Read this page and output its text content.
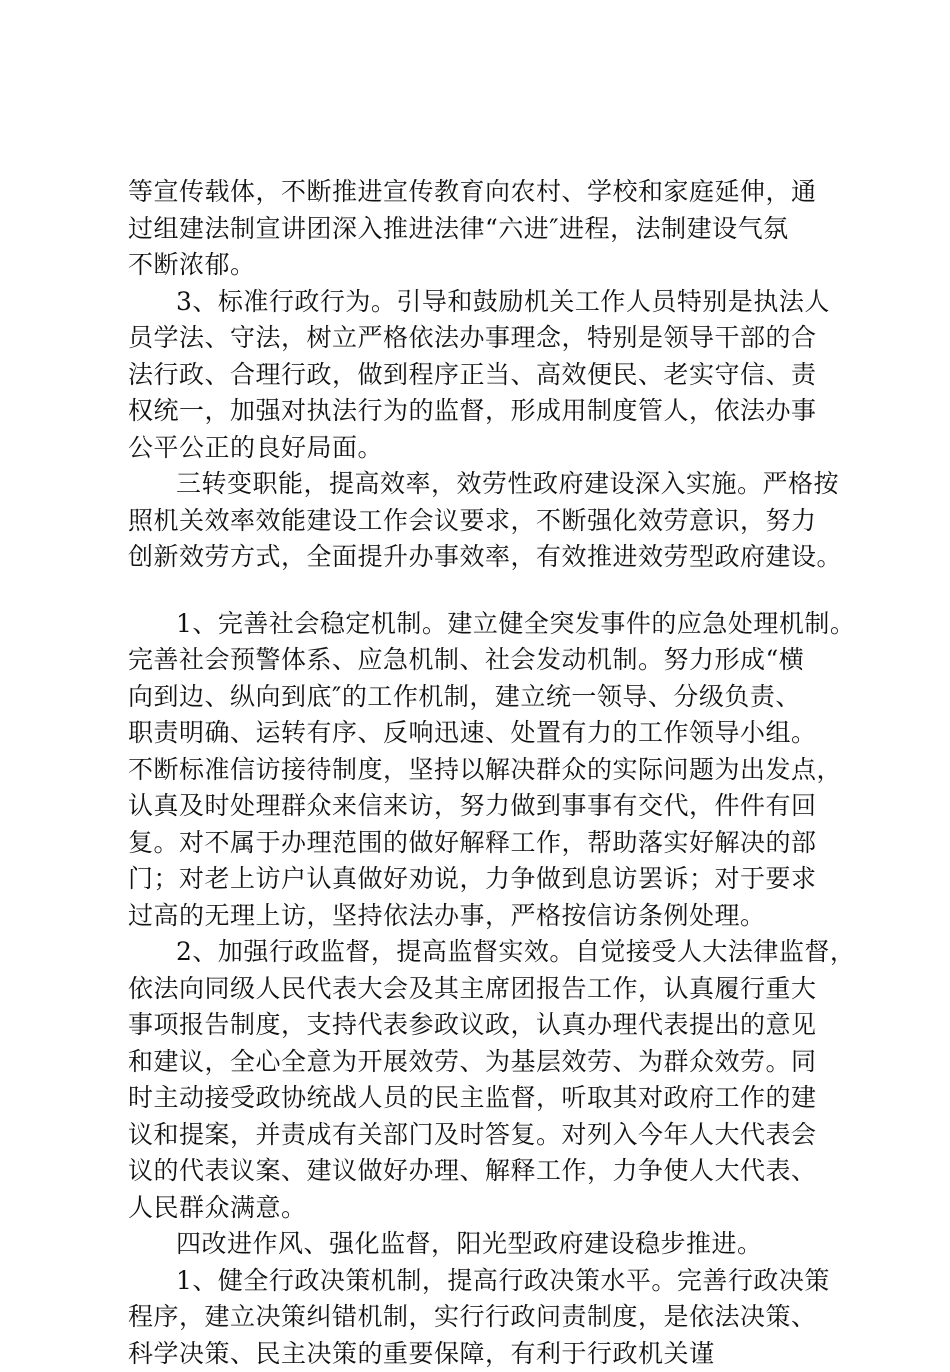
等宣传载体，不断推进宣传教育向农村、学校和家庭延伸，通
过组建法制宣讲团深入推进法律“六进″进程，法制建设气氛
不断浓郁。
3、标准行政行为。引导和鼓励机关工作人员特别是执法人
员学法、守法，树立严格依法办事理念，特别是领导干部的合
法行政、合理行政，做到程序正当、高效便民、老实守信、责
权统一，加强对执法行为的监督，形成用制度管人，依法办事
公平公正的良好局面。
三转变职能，提高效率，效劳性政府建设深入实施。严格按
照机关效率效能建设工作会议要求，不断强化效劳意识，努力
创新效劳方式，全面提升办事效率，有效推进效劳型政府建设。
1、完善社会稳定机制。建立健全突发事件的应急处理机制。
完善社会预警体系、应急机制、社会发动机制。努力形成“横
向到边、纵向到底″的工作机制，建立统一领导、分级负责、
职责明确、运转有序、反响迅速、处置有力的工作领导小组。
不断标准信访接待制度，坚持以解决群众的实际问题为出发点，
认真及时处理群众来信来访，努力做到事事有交代，件件有回
复。对不属于办理范围的做好解释工作，帮助落实好解决的部
门；对老上访户认真做好劝说，力争做到息访罢诉；对于要求
过高的无理上访，坚持依法办事，严格按信访条例处理。
2、加强行政监督，提高监督实效。自觉接受人大法律监督，
依法向同级人民代表大会及其主席团报告工作，认真履行重大
事项报告制度，支持代表参政议政，认真办理代表提出的意见
和建议，全心全意为开展效劳、为基层效劳、为群众效劳。同
时主动接受政协统战人员的民主监督，听取其对政府工作的建
议和提案，并责成有关部门及时答复。对列入今年人大代表会
议的代表议案、建议做好办理、解释工作，力争使人大代表、
人民群众满意。
四改进作风、强化监督，阳光型政府建设稳步推进。
1、健全行政决策机制，提高行政决策水平。完善行政决策
程序，建立决策纠错机制，实行行政问责制度，是依法决策、
科学决策、民主决策的重要保障，有利于行政机关谨
